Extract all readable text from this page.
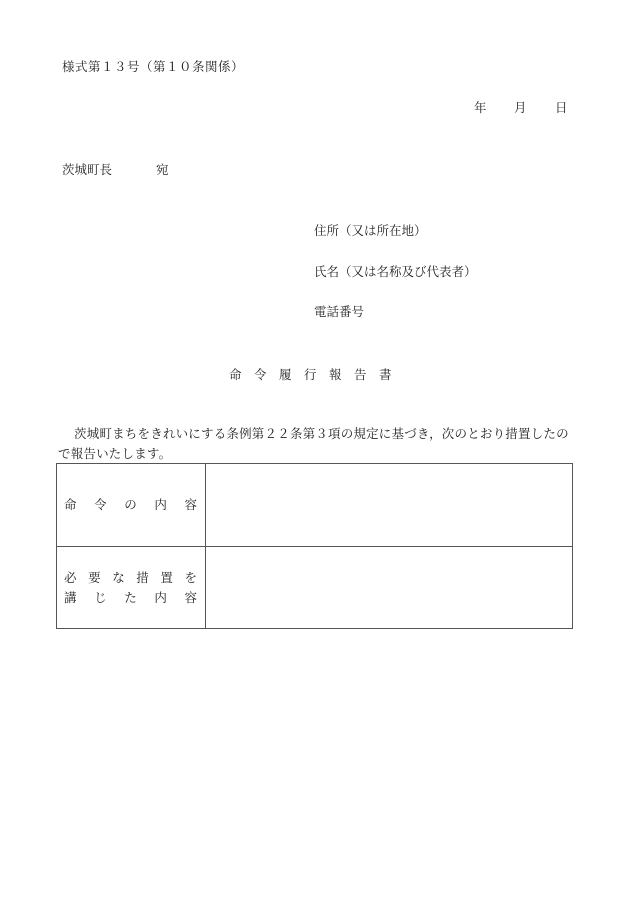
様式第１３号（第１０条関係）
年 月 日
茨城町長	宛
住所（又は所在地）
氏名（又は名称及び代表者）
電話番号
命 令 履 行 報 告 書
茨城町まちをきれいにする条例第２２条第３項の規定に基づき，次のとおり措置したので報告いたします。
命 令 の 内 容	

必 要 な 措 置 を
講 じ た 内 容
